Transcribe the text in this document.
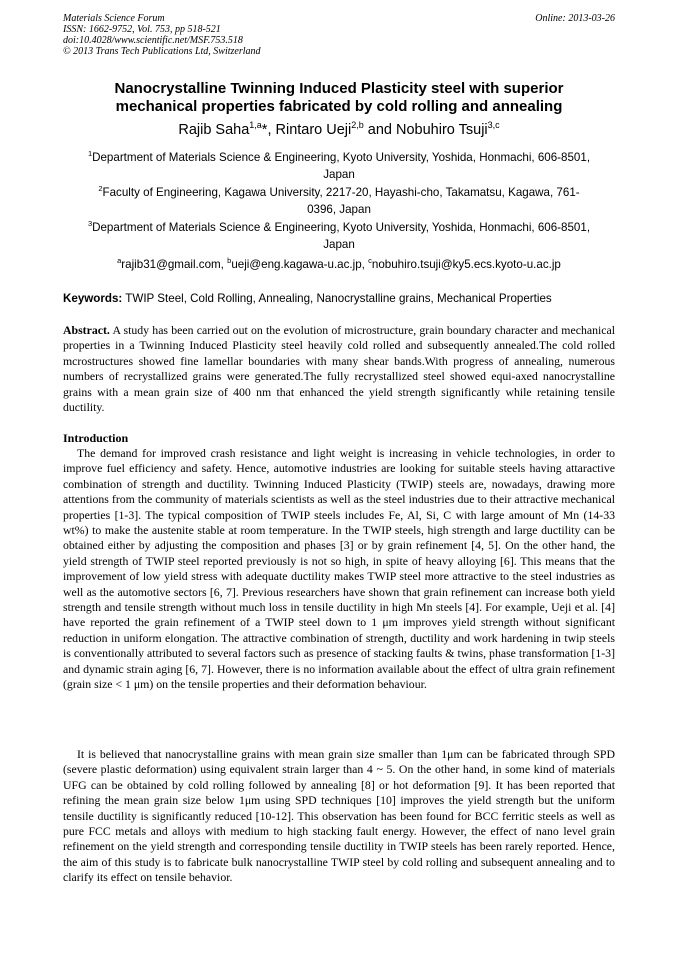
Materials Science Forum
ISSN: 1662-9752, Vol. 753, pp 518-521
doi:10.4028/www.scientific.net/MSF.753.518
© 2013 Trans Tech Publications Ltd, Switzerland
Online: 2013-03-26
Nanocrystalline Twinning Induced Plasticity steel with superior
mechanical properties fabricated by cold rolling and annealing
Rajib Saha$^{1,a}$*, Rintaro Ueji$^{2,b}$ and Nobuhiro Tsuji$^{3,c}$
$^1$Department of Materials Science & Engineering, Kyoto University, Yoshida, Honmachi, 606-8501,
Japan
$^2$Faculty of Engineering, Kagawa University, 2217-20, Hayashi-cho, Takamatsu, Kagawa, 761-
0396, Japan
$^3$Department of Materials Science & Engineering, Kyoto University, Yoshida, Honmachi, 606-8501,
Japan
$^a$rajib31@gmail.com, $^b$ueji@eng.kagawa-u.ac.jp, $^c$nobuhiro.tsuji@ky5.ecs.kyoto-u.ac.jp
Keywords: TWIP Steel, Cold Rolling, Annealing, Nanocrystalline grains, Mechanical Properties
Abstract. A study has been carried out on the evolution of microstructure, grain boundary character and mechanical properties in a Twinning Induced Plasticity steel heavily cold rolled and subsequently annealed.The cold rolled mcrostructures showed fine lamellar boundaries with many shear bands.With progress of annealing, numerous numbers of recrystallized grains were generated.The fully recrystallized steel showed equi-axed nanocrystalline grains with a mean grain size of 400 nm that enhanced the yield strength significantly while retaining tensile ductility.
Introduction
The demand for improved crash resistance and light weight is increasing in vehicle technologies, in order to improve fuel efficiency and safety. Hence, automotive industries are looking for suitable steels having attaractive combination of strength and ductility. Twinning Induced Plasticity (TWIP) steels are, nowadays, drawing more attentions from the community of materials scientists as well as the steel industries due to their attractive mechanical properties [1-3]. The typical composition of TWIP steels includes Fe, Al, Si, C with large amount of Mn (14-33 wt%) to make the austenite stable at room temperature. In the TWIP steels, high strength and large ductility can be obtained either by adjusting the composition and phases [3] or by grain refinement [4, 5]. On the other hand, the yield strength of TWIP steel reported previously is not so high, in spite of heavy alloying [6]. This means that the improvement of low yield stress with adequate ductility makes TWIP steel more attractive to the steel industries as well as the automotive sectors [6, 7]. Previous researchers have shown that grain refinement can increase both yield strength and tensile strength without much loss in tensile ductility in high Mn steels [4]. For example, Ueji et al. [4] have reported the grain refinement of a TWIP steel down to 1 μm improves yield strength without significant reduction in uniform elongation. The attractive combination of strength, ductility and work hardening in twip steels is conventionally attributed to several factors such as presence of stacking faults & twins, phase transformation [1-3] and dynamic strain aging [6, 7]. However, there is no information available about the effect of ultra grain refinement (grain size < 1 μm) on the tensile properties and their deformation behaviour.
It is believed that nanocrystalline grains with mean grain size smaller than 1μm can be fabricated through SPD (severe plastic deformation) using equivalent strain larger than 4 ~ 5. On the other hand, in some kind of materials UFG can be obtained by cold rolling followed by annealing [8] or hot deformation [9]. It has been reported that refining the mean grain size below 1μm using SPD techniques [10] improves the yield strength but the uniform tensile ductility is significantly reduced [10-12]. This observation has been found for BCC ferritic steels as well as pure FCC metals and alloys with medium to high stacking fault energy. However, the effect of nano level grain refinement on the yield strength and corresponding tensile ductility in TWIP steels has been rarely reported. Hence, the aim of this study is to fabricate bulk nanocrystalline TWIP steel by cold rolling and subsequent annealing and to clarify its effect on tensile behavior.
